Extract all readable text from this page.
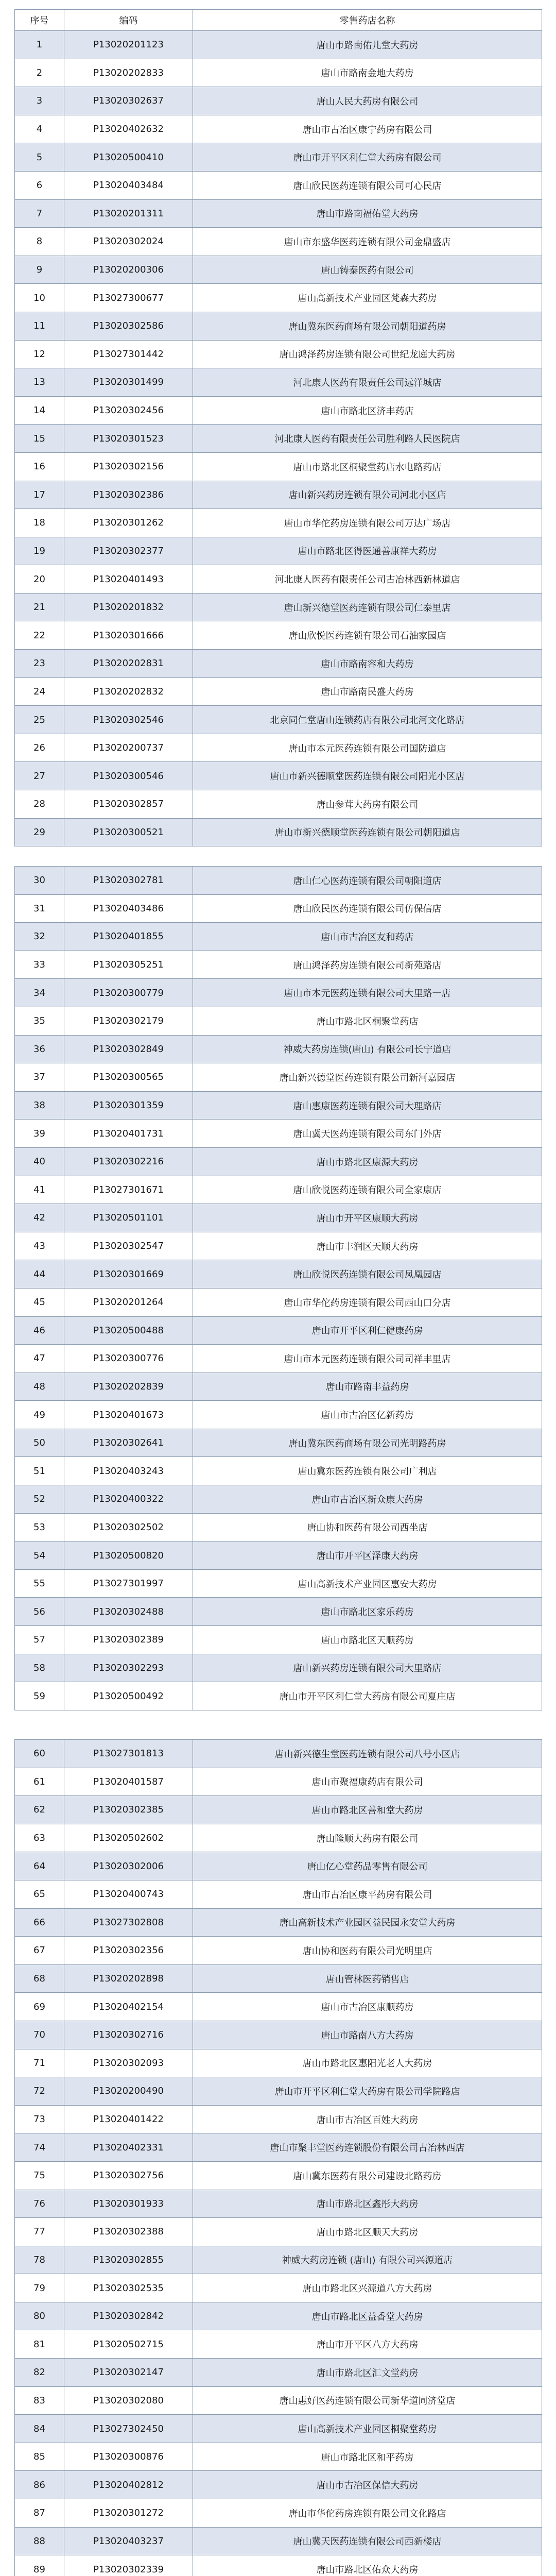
序号	编码	零售药店名称
1	P13020201123	唐山市路南佑儿堂大药房
2	P13020202833	唐山市路南金地大药房
3	P13020302637	唐山人民大药房有限公司
4	P13020402632	唐山市古冶区康宁药房有限公司
5	P13020500410	唐山市开平区利仁堂大药房有限公司
6	P13020403484	唐山欣民医药连锁有限公司可心民店
7	P13020201311	唐山市路南福佑堂大药房
8	P13020302024	唐山市东盛华医药连锁有限公司金鼎盛店
9	P13020200306	唐山铸泰医药有限公司
10	P13027300677	唐山高新技术产业园区梵森大药房
11	P13020302586	唐山冀东医药商场有限公司朝阳道药房
12	P13027301442	唐山鸿泽药房连锁有限公司世纪龙庭大药房
13	P13020301499	河北康人医药有限责任公司远洋城店
14	P13020302456	唐山市路北区济丰药店
15	P13020301523	河北康人医药有限责任公司胜利路人民医院店
16	P13020302156	唐山市路北区桐聚堂药店水电路药店
17	P13020302386	唐山新兴药房连锁有限公司河北小区店
18	P13020301262	唐山市华佗药房连锁有限公司万达广场店
19	P13020302377	唐山市路北区得医通善康祥大药房
20	P13020401493	河北康人医药有限责任公司古冶林西新林道店
21	P13020201832	唐山新兴德堂医药连锁有限公司仁泰里店
22	P13020301666	唐山欣悦医药连锁有限公司石油家园店
23	P13020202831	唐山市路南容和大药房
24	P13020202832	唐山市路南民盛大药房
25	P13020302546	北京同仁堂唐山连锁药店有限公司北河文化路店
26	P13020200737	唐山市本元医药连锁有限公司国防道店
27	P13020300546	唐山市新兴德顺堂医药连锁有限公司阳光小区店
28	P13020302857	唐山参茸大药房有限公司
29	P13020300521	唐山市新兴德顺堂医药连锁有限公司朝阳道店
30	P13020302781	唐山仁心医药连锁有限公司朝阳道店
31	P13020403486	唐山欣民医药连锁有限公司仿保信店
32	P13020401855	唐山市古冶区友和药店
33	P13020305251	唐山鸿泽药房连锁有限公司新苑路店
34	P13020300779	唐山市本元医药连锁有限公司大里路一店
35	P13020302179	唐山市路北区桐聚堂药店
36	P13020302849	神威大药房连锁(唐山) 有限公司长宁道店
37	P13020300565	唐山新兴德堂医药连锁有限公司新河嘉园店
38	P13020301359	唐山惠康医药连锁有限公司大理路店
39	P13020401731	唐山冀天医药连锁有限公司东门外店
40	P13020302216	唐山市路北区康源大药房
41	P13027301671	唐山欣悦医药连锁有限公司全家康店
42	P13020501101	唐山市开平区康顺大药房
43	P13020302547	唐山市丰润区天顺大药房
44	P13020301669	唐山欣悦医药连锁有限公司凤凰园店
45	P13020201264	唐山市华佗药房连锁有限公司西山口分店
46	P13020500488	唐山市开平区利仁健康药房
47	P13020300776	唐山市本元医药连锁有限公司司祥丰里店
48	P13020202839	唐山市路南丰益药房
49	P13020401673	唐山市古冶区亿新药房
50	P13020302641	唐山冀东医药商场有限公司光明路药房
51	P13020403243	唐山冀东医药连锁有限公司广利店
52	P13020400322	唐山市古冶区新众康大药房
53	P13020302502	唐山协和医药有限公司西坐店
54	P13020500820	唐山市开平区泽康大药房
55	P13027301997	唐山高新技术产业园区惠安大药房
56	P13020302488	唐山市路北区家乐药房
57	P13020302389	唐山市路北区天顺药房
58	P13020302293	唐山新兴药房连锁有限公司大里路店
59	P13020500492	唐山市开平区利仁堂大药房有限公司夏庄店
60	P13027301813	唐山新兴德生堂医药连锁有限公司八号小区店
61	P13020401587	唐山市聚福康药店有限公司
62	P13020302385	唐山市路北区善和堂大药房
63	P13020502602	唐山隆顺大药房有限公司
64	P13020302006	唐山亿心堂药品零售有限公司
65	P13020400743	唐山市古冶区康平药房有限公司
66	P13027302808	唐山高新技术产业园区益民园永安堂大药房
67	P13020302356	唐山协和医药有限公司光明里店
68	P13020202898	唐山管林医药销售店
69	P13020402154	唐山市古冶区康顺药房
70	P13020302716	唐山市路南八方大药房
71	P13020302093	唐山市路北区惠阳光老人大药房
72	P13020200490	唐山市开平区利仁堂大药房有限公司学院路店
73	P13020401422	唐山市古冶区百姓大药房
74	P13020402331	唐山市聚丰堂医药连锁股份有限公司古冶林西店
75	P13020302756	唐山冀东医药有限公司建设北路药房
76	P13020301933	唐山市路北区鑫彤大药房
77	P13020302388	唐山市路北区顺天大药房
78	P13020302855	神威大药房连锁 (唐山) 有限公司兴源道店
79	P13020302535	唐山市路北区兴源道八方大药房
80	P13020302842	唐山市路北区益香堂大药房
81	P13020502715	唐山市开平区八方大药房
82	P13020302147	唐山市路北区汇文堂药房
83	P13020302080	唐山惠好医药连锁有限公司新华道同济堂店
84	P13027302450	唐山高新技术产业园区桐聚堂药房
85	P13020300876	唐山市路北区和平药房
86	P13020402812	唐山市古冶区保信大药房
87	P13020301272	唐山市华佗药房连锁有限公司文化路店
88	P13020403237	唐山冀天医药连锁有限公司西新楼店
89	P13020302339	唐山市路北区佑众大药房
